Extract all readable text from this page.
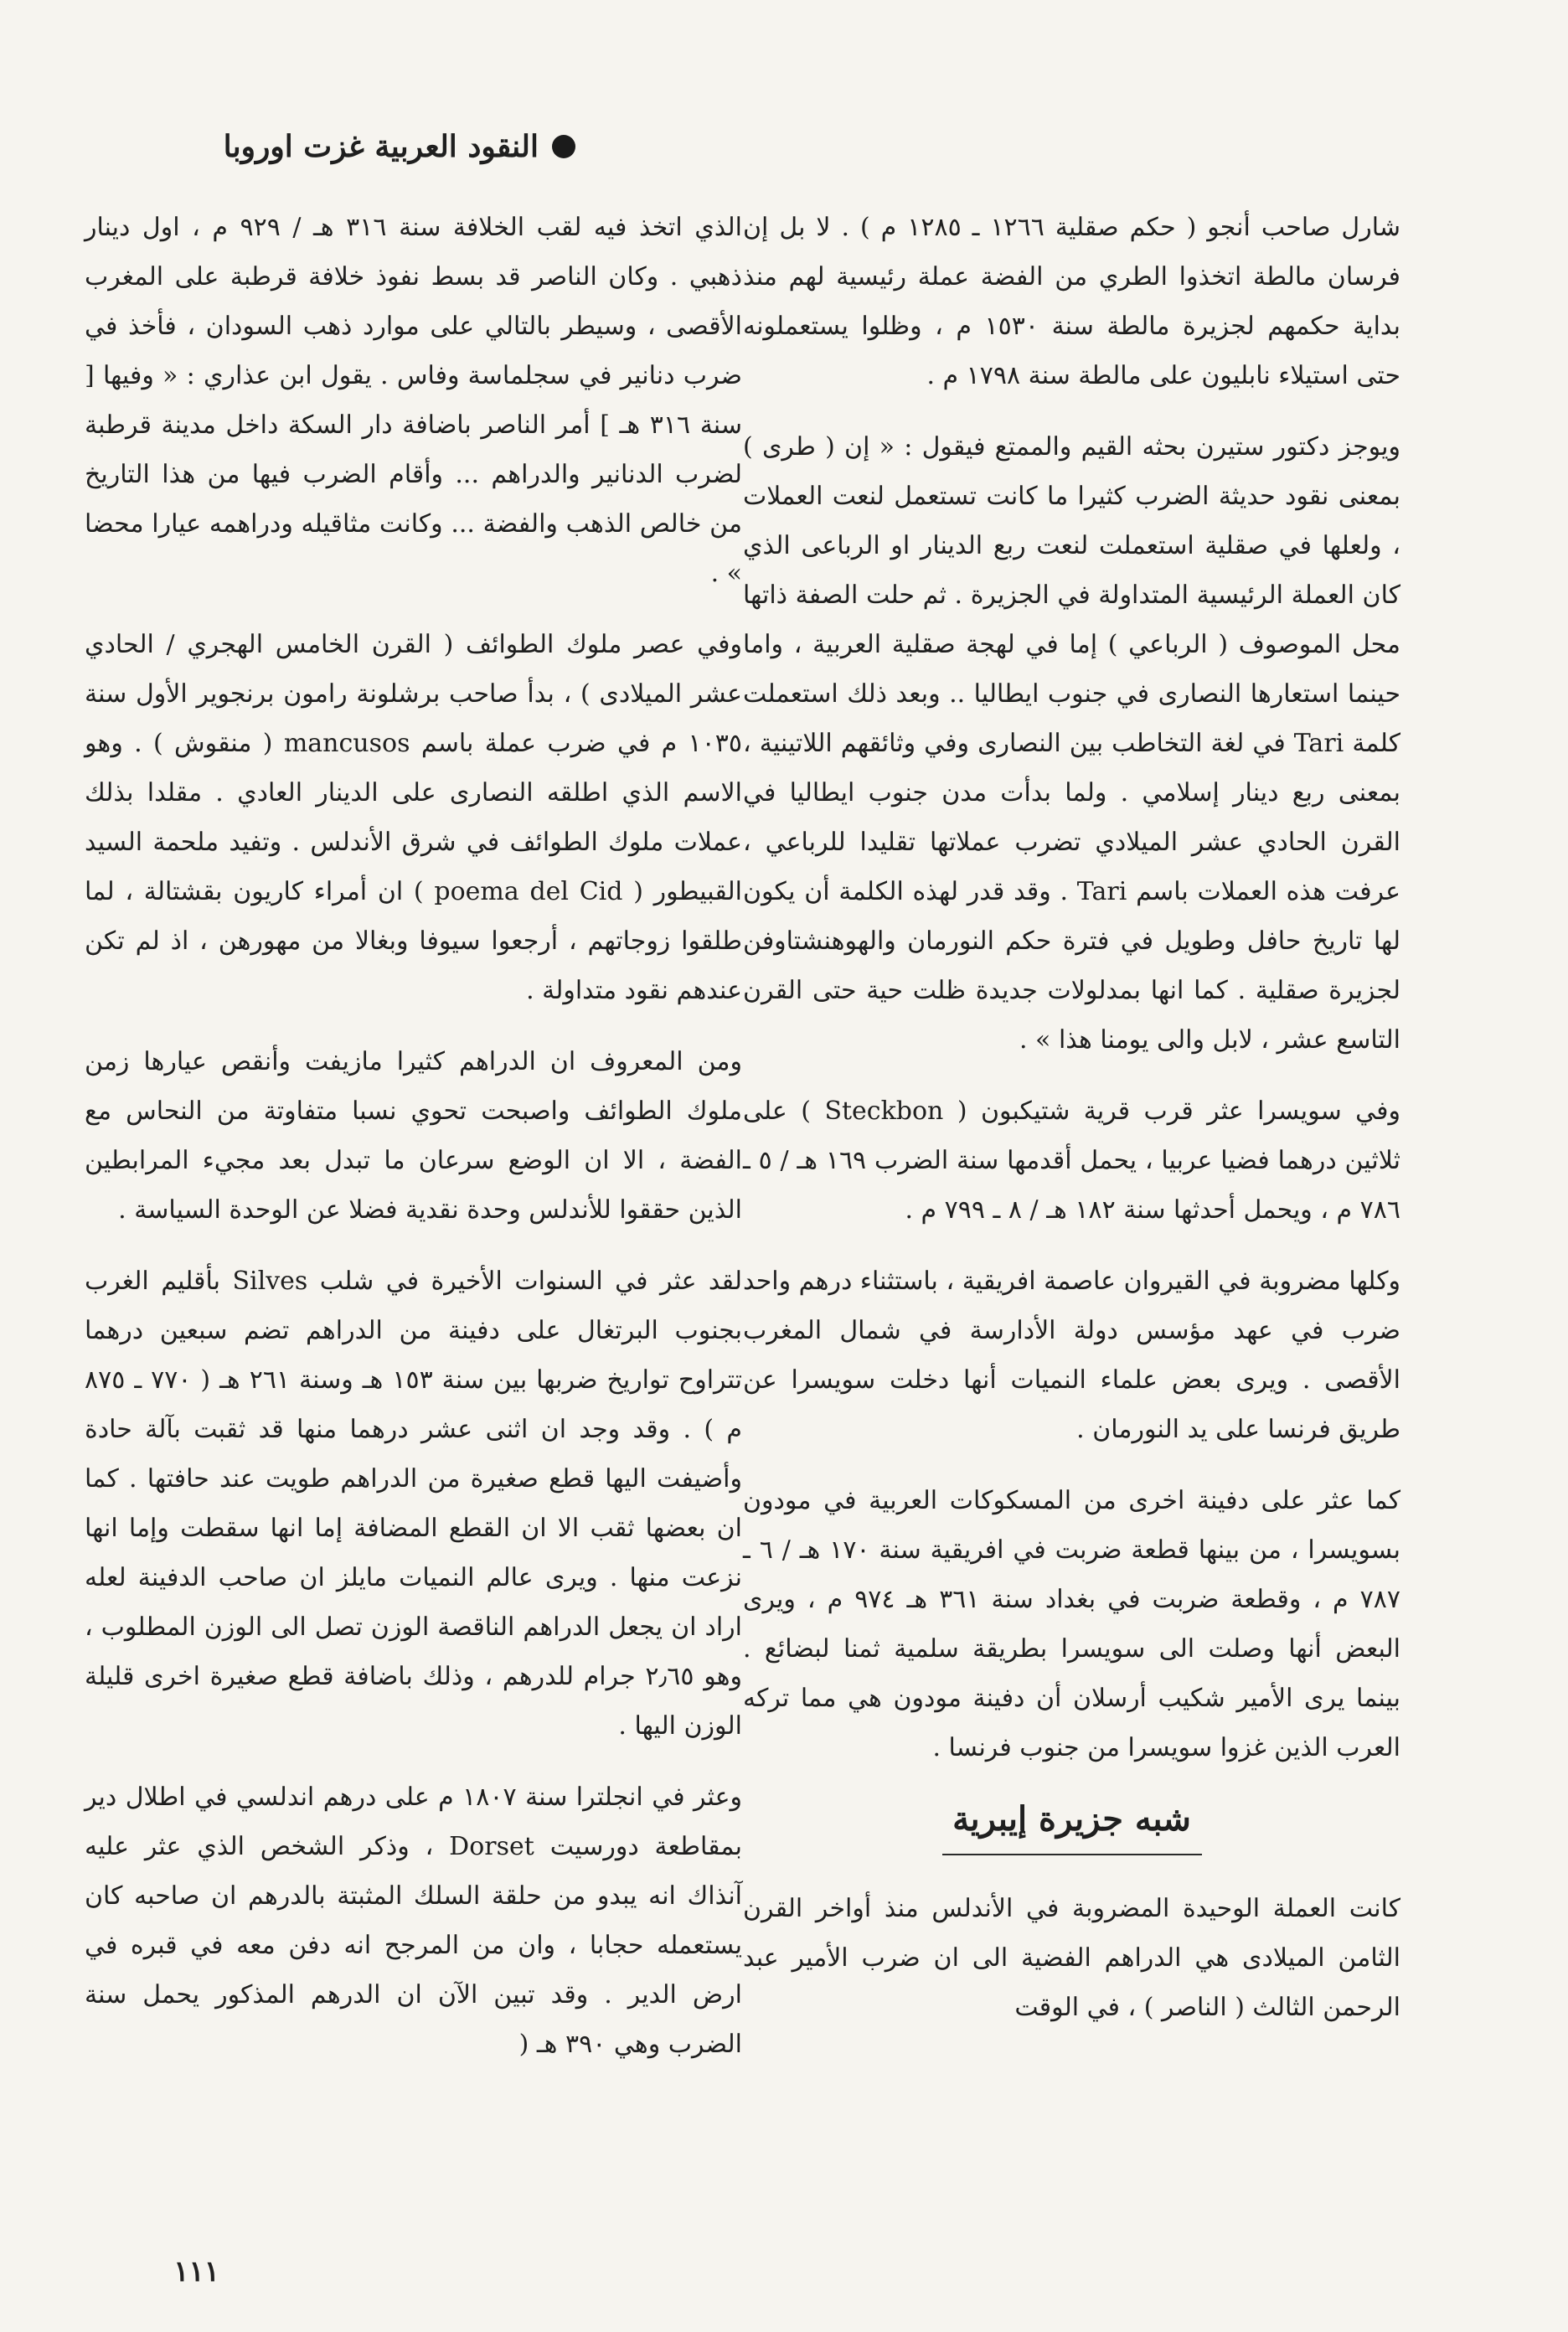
النقود العربية غزت اوروبا

شارل صاحب أنجو ( حكم صقلية ١٢٦٦ ـ ١٢٨٥ م ) . لا بل إن فرسان مالطة اتخذوا الطري من الفضة عملة رئيسية لهم منذ بداية حكمهم لجزيرة مالطة سنة ١٥٣٠ م ، وظلوا يستعملونه حتى استيلاء نابليون على مالطة سنة ١٧٩٨ م .

ويوجز دكتور ستيرن بحثه القيم والممتع فيقول : « إن ( طرى ) بمعنى نقود حديثة الضرب كثيرا ما كانت تستعمل لنعت العملات ، ولعلها في صقلية استعملت لنعت ربع الدينار او الرباعى الذي كان العملة الرئيسية المتداولة في الجزيرة . ثم حلت الصفة ذاتها محل الموصوف ( الرباعي ) إما في لهجة صقلية العربية ، واما حينما استعارها النصارى في جنوب ايطاليا .. وبعد ذلك استعملت كلمة Tari في لغة التخاطب بين النصارى وفي وثائقهم اللاتينية ، بمعنى ربع دينار إسلامي . ولما بدأت مدن جنوب ايطاليا في القرن الحادي عشر الميلادي تضرب عملاتها تقليدا للرباعي ، عرفت هذه العملات باسم Tari . وقد قدر لهذه الكلمة أن يكون لها تاريخ حافل وطويل في فترة حكم النورمان والهوهنشتاوفن لجزيرة صقلية . كما انها بمدلولات جديدة ظلت حية حتى القرن التاسع عشر ، لابل والى يومنا هذا » .

وفي سويسرا عثر قرب قرية شتيكبون ( Steckbon ) على ثلاثين درهما فضيا عربيا ، يحمل أقدمها سنة الضرب ١٦٩ هـ / ٥ ـ ٧٨٦ م ، ويحمل أحدثها سنة ١٨٢ هـ / ٨ ـ ٧٩٩ م .

وكلها مضروبة في القيروان عاصمة افريقية ، باستثناء درهم واحد ضرب في عهد مؤسس دولة الأدارسة في شمال المغرب الأقصى . ويرى بعض علماء النميات أنها دخلت سويسرا عن طريق فرنسا على يد النورمان .

كما عثر على دفينة اخرى من المسكوكات العربية في مودون بسويسرا ، من بينها قطعة ضربت في افريقية سنة ١٧٠ هـ / ٦ ـ ٧٨٧ م ، وقطعة ضربت في بغداد سنة ٣٦١ هـ ٩٧٤ م ، ويرى البعض أنها وصلت الى سويسرا بطريقة سلمية ثمنا لبضائع . بينما يرى الأمير شكيب أرسلان أن دفينة مودون هي مما تركه العرب الذين غزوا سويسرا من جنوب فرنسا .

شبه جزيرة إيبرية

كانت العملة الوحيدة المضروبة في الأندلس منذ أواخر القرن الثامن الميلادى هي الدراهم الفضية الى ان ضرب الأمير عبد الرحمن الثالث ( الناصر ) ، في الوقت

الذي اتخذ فيه لقب الخلافة سنة ٣١٦ هـ / ٩٢٩ م ، اول دينار ذهبي . وكان الناصر قد بسط نفوذ خلافة قرطبة على المغرب الأقصى ، وسيطر بالتالي على موارد ذهب السودان ، فأخذ في ضرب دنانير في سجلماسة وفاس . يقول ابن عذاري : « وفيها [ سنة ٣١٦ هـ ] أمر الناصر باضافة دار السكة داخل مدينة قرطبة لضرب الدنانير والدراهم ... وأقام الضرب فيها من هذا التاريخ من خالص الذهب والفضة ... وكانت مثاقيله ودراهمه عيارا محضا » .

وفي عصر ملوك الطوائف ( القرن الخامس الهجري / الحادي عشر الميلادى ) ، بدأ صاحب برشلونة رامون برنجوير الأول سنة ١٠٣٥ م في ضرب عملة باسم mancusos ( منقوش ) . وهو الاسم الذي اطلقه النصارى على الدينار العادي . مقلدا بذلك عملات ملوك الطوائف في شرق الأندلس . وتفيد ملحمة السيد القبيطور ( poema del Cid ) ان أمراء كاريون بقشتالة ، لما طلقوا زوجاتهم ، أرجعوا سيوفا وبغالا من مهورهن ، اذ لم تكن عندهم نقود متداولة .

ومن المعروف ان الدراهم كثيرا مازيفت وأنقص عيارها زمن ملوك الطوائف واصبحت تحوي نسبا متفاوتة من النحاس مع الفضة ، الا ان الوضع سرعان ما تبدل بعد مجيء المرابطين الذين حققوا للأندلس وحدة نقدية فضلا عن الوحدة السياسة .

لقد عثر في السنوات الأخيرة في شلب Silves بأقليم الغرب بجنوب البرتغال على دفينة من الدراهم تضم سبعين درهما تتراوح تواريخ ضربها بين سنة ١٥٣ هـ وسنة ٢٦١ هـ ( ٧٧٠ ـ ٨٧٥ م ) . وقد وجد ان اثنى عشر درهما منها قد ثقبت بآلة حادة وأضيفت اليها قطع صغيرة من الدراهم طويت عند حافتها . كما ان بعضها ثقب الا ان القطع المضافة إما انها سقطت وإما انها نزعت منها . ويرى عالم النميات مايلز ان صاحب الدفينة لعله اراد ان يجعل الدراهم الناقصة الوزن تصل الى الوزن المطلوب ، وهو ٢٫٦٥ جرام للدرهم ، وذلك باضافة قطع صغيرة اخرى قليلة الوزن اليها .

وعثر في انجلترا سنة ١٨٠٧ م على درهم اندلسي في اطلال دير بمقاطعة دورسيت Dorset ، وذكر الشخص الذي عثر عليه آنذاك انه يبدو من حلقة السلك المثبتة بالدرهم ان صاحبه كان يستعمله حجابا ، وان من المرجح انه دفن معه في قبره في ارض الدير . وقد تبين الآن ان الدرهم المذكور يحمل سنة الضرب وهي ٣٩٠ هـ (

١١١
